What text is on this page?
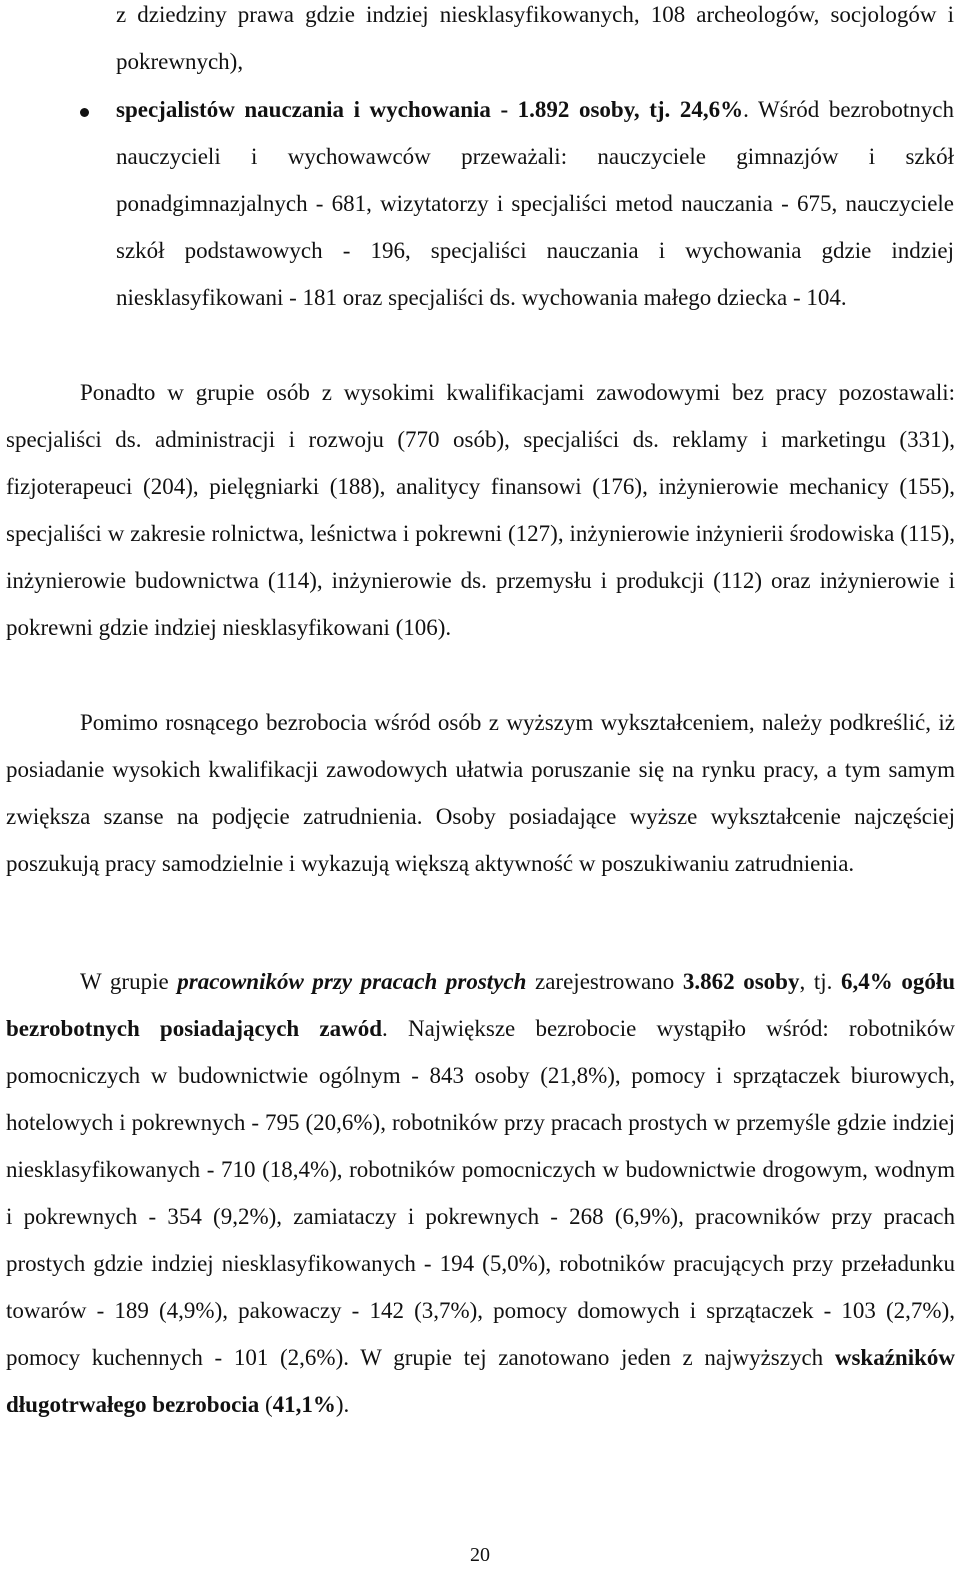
z dziedziny prawa gdzie indziej niesklasyfikowanych, 108 archeologów, socjologów i pokrewnych),

specjalistów nauczania i wychowania - 1.892 osoby, tj. 24,6%. Wśród bezrobotnych nauczycieli i wychowawców przeważali: nauczyciele gimnazjów i szkół ponadgimnazjalnych - 681, wizytatorzy i specjaliści metod nauczania - 675, nauczyciele szkół podstawowych - 196, specjaliści nauczania i wychowania gdzie indziej niesklasyfikowani - 181 oraz specjaliści ds. wychowania małego dziecka - 104.

Ponadto w grupie osób z wysokimi kwalifikacjami zawodowymi bez pracy pozostawali: specjaliści ds. administracji i rozwoju (770 osób), specjaliści ds. reklamy i marketingu (331), fizjoterapeuci (204), pielęgniarki (188), analitycy finansowi (176), inżynierowie mechanicy (155), specjaliści w zakresie rolnictwa, leśnictwa i pokrewni (127), inżynierowie inżynierii środowiska (115), inżynierowie budownictwa (114), inżynierowie ds. przemysłu i produkcji (112) oraz inżynierowie i pokrewni gdzie indziej niesklasyfikowani (106).

Pomimo rosnącego bezrobocia wśród osób z wyższym wykształceniem, należy podkreślić, iż posiadanie wysokich kwalifikacji zawodowych ułatwia poruszanie się na rynku pracy, a tym samym zwiększa szanse na podjęcie zatrudnienia. Osoby posiadające wyższe wykształcenie najczęściej poszukują pracy samodzielnie i wykazują większą aktywność w poszukiwaniu zatrudnienia.

W grupie pracowników przy pracach prostych zarejestrowano 3.862 osoby, tj. 6,4% ogółu bezrobotnych posiadających zawód. Największe bezrobocie wystąpiło wśród: robotników pomocniczych w budownictwie ogólnym - 843 osoby (21,8%), pomocy i sprzątaczek biurowych, hotelowych i pokrewnych - 795 (20,6%), robotników przy pracach prostych w przemyśle gdzie indziej niesklasyfikowanych - 710 (18,4%), robotników pomocniczych w budownictwie drogowym, wodnym i pokrewnych - 354 (9,2%), zamiataczy i pokrewnych - 268 (6,9%), pracowników przy pracach prostych gdzie indziej niesklasyfikowanych - 194 (5,0%), robotników pracujących przy przeładunku towarów - 189 (4,9%), pakowaczy - 142 (3,7%), pomocy domowych i sprzątaczek - 103 (2,7%), pomocy kuchennych - 101 (2,6%). W grupie tej zanotowano jeden z najwyższych wskaźników długotrwałego bezrobocia (41,1%).

20
